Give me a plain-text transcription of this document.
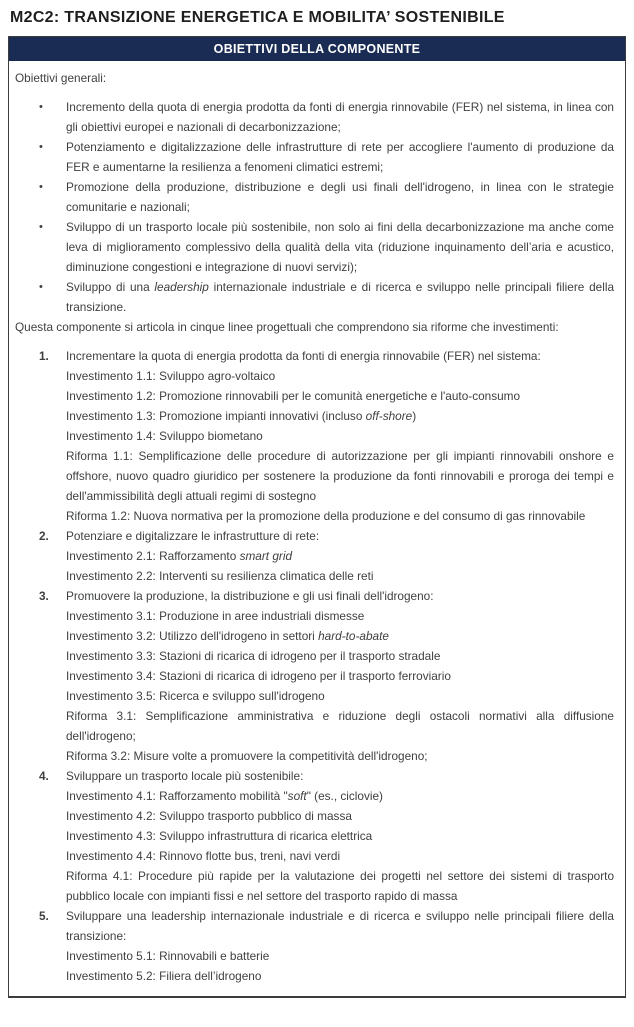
M2C2: TRANSIZIONE ENERGETICA E MOBILITA’ SOSTENIBILE
OBIETTIVI DELLA COMPONENTE

Obiettivi generali:

•	Incremento della quota di energia prodotta da fonti di energia rinnovabile (FER) nel sistema, in linea con gli obiettivi europei e nazionali di decarbonizzazione;
•	Potenziamento e digitalizzazione delle infrastrutture di rete per accogliere l'aumento di produzione da FER e aumentarne la resilienza a fenomeni climatici estremi;
•	Promozione della produzione, distribuzione e degli usi finali dell'idrogeno, in linea con le strategie comunitarie e nazionali;
•	Sviluppo di un trasporto locale più sostenibile, non solo ai fini della decarbonizzazione ma anche come leva di miglioramento complessivo della qualità della vita (riduzione inquinamento dell’aria e acustico, diminuzione congestioni e integrazione di nuovi servizi);
•	Sviluppo di una leadership internazionale industriale e di ricerca e sviluppo nelle principali filiere della transizione.

Questa componente si articola in cinque linee progettuali che comprendono sia riforme che investimenti:

1.	Incrementare la quota di energia prodotta da fonti di energia rinnovabile (FER) nel sistema:
Investimento 1.1: Sviluppo agro-voltaico
Investimento 1.2: Promozione rinnovabili per le comunità energetiche e l'auto-consumo
Investimento 1.3: Promozione impianti innovativi (incluso off-shore)
Investimento 1.4: Sviluppo biometano
Riforma 1.1: Semplificazione delle procedure di autorizzazione per gli impianti rinnovabili onshore e offshore, nuovo quadro giuridico per sostenere la produzione da fonti rinnovabili e proroga dei tempi e dell'ammissibilità degli attuali regimi di sostegno
Riforma 1.2: Nuova normativa per la promozione della produzione e del consumo di gas rinnovabile
2.	Potenziare e digitalizzare le infrastrutture di rete:
Investimento 2.1: Rafforzamento smart grid
Investimento 2.2: Interventi su resilienza climatica delle reti
3.	Promuovere la produzione, la distribuzione e gli usi finali dell'idrogeno:
Investimento 3.1: Produzione in aree industriali dismesse
Investimento 3.2: Utilizzo dell'idrogeno in settori hard-to-abate
Investimento 3.3: Stazioni di ricarica di idrogeno per il trasporto stradale
Investimento 3.4: Stazioni di ricarica di idrogeno per il trasporto ferroviario
Investimento 3.5: Ricerca e sviluppo sull'idrogeno
Riforma 3.1: Semplificazione amministrativa e riduzione degli ostacoli normativi alla diffusione dell'idrogeno;
Riforma 3.2: Misure volte a promuovere la competitività dell'idrogeno;
4.	Sviluppare un trasporto locale più sostenibile:
Investimento 4.1: Rafforzamento mobilità "soft" (es., ciclovie)
Investimento 4.2: Sviluppo trasporto pubblico di massa
Investimento 4.3: Sviluppo infrastruttura di ricarica elettrica
Investimento 4.4: Rinnovo flotte bus, treni, navi verdi
Riforma 4.1: Procedure più rapide per la valutazione dei progetti nel settore dei sistemi di trasporto pubblico locale con impianti fissi e nel settore del trasporto rapido di massa
5.	Sviluppare una leadership internazionale industriale e di ricerca e sviluppo nelle principali filiere della transizione:
Investimento 5.1: Rinnovabili e batterie
Investimento 5.2: Filiera dell’idrogeno
